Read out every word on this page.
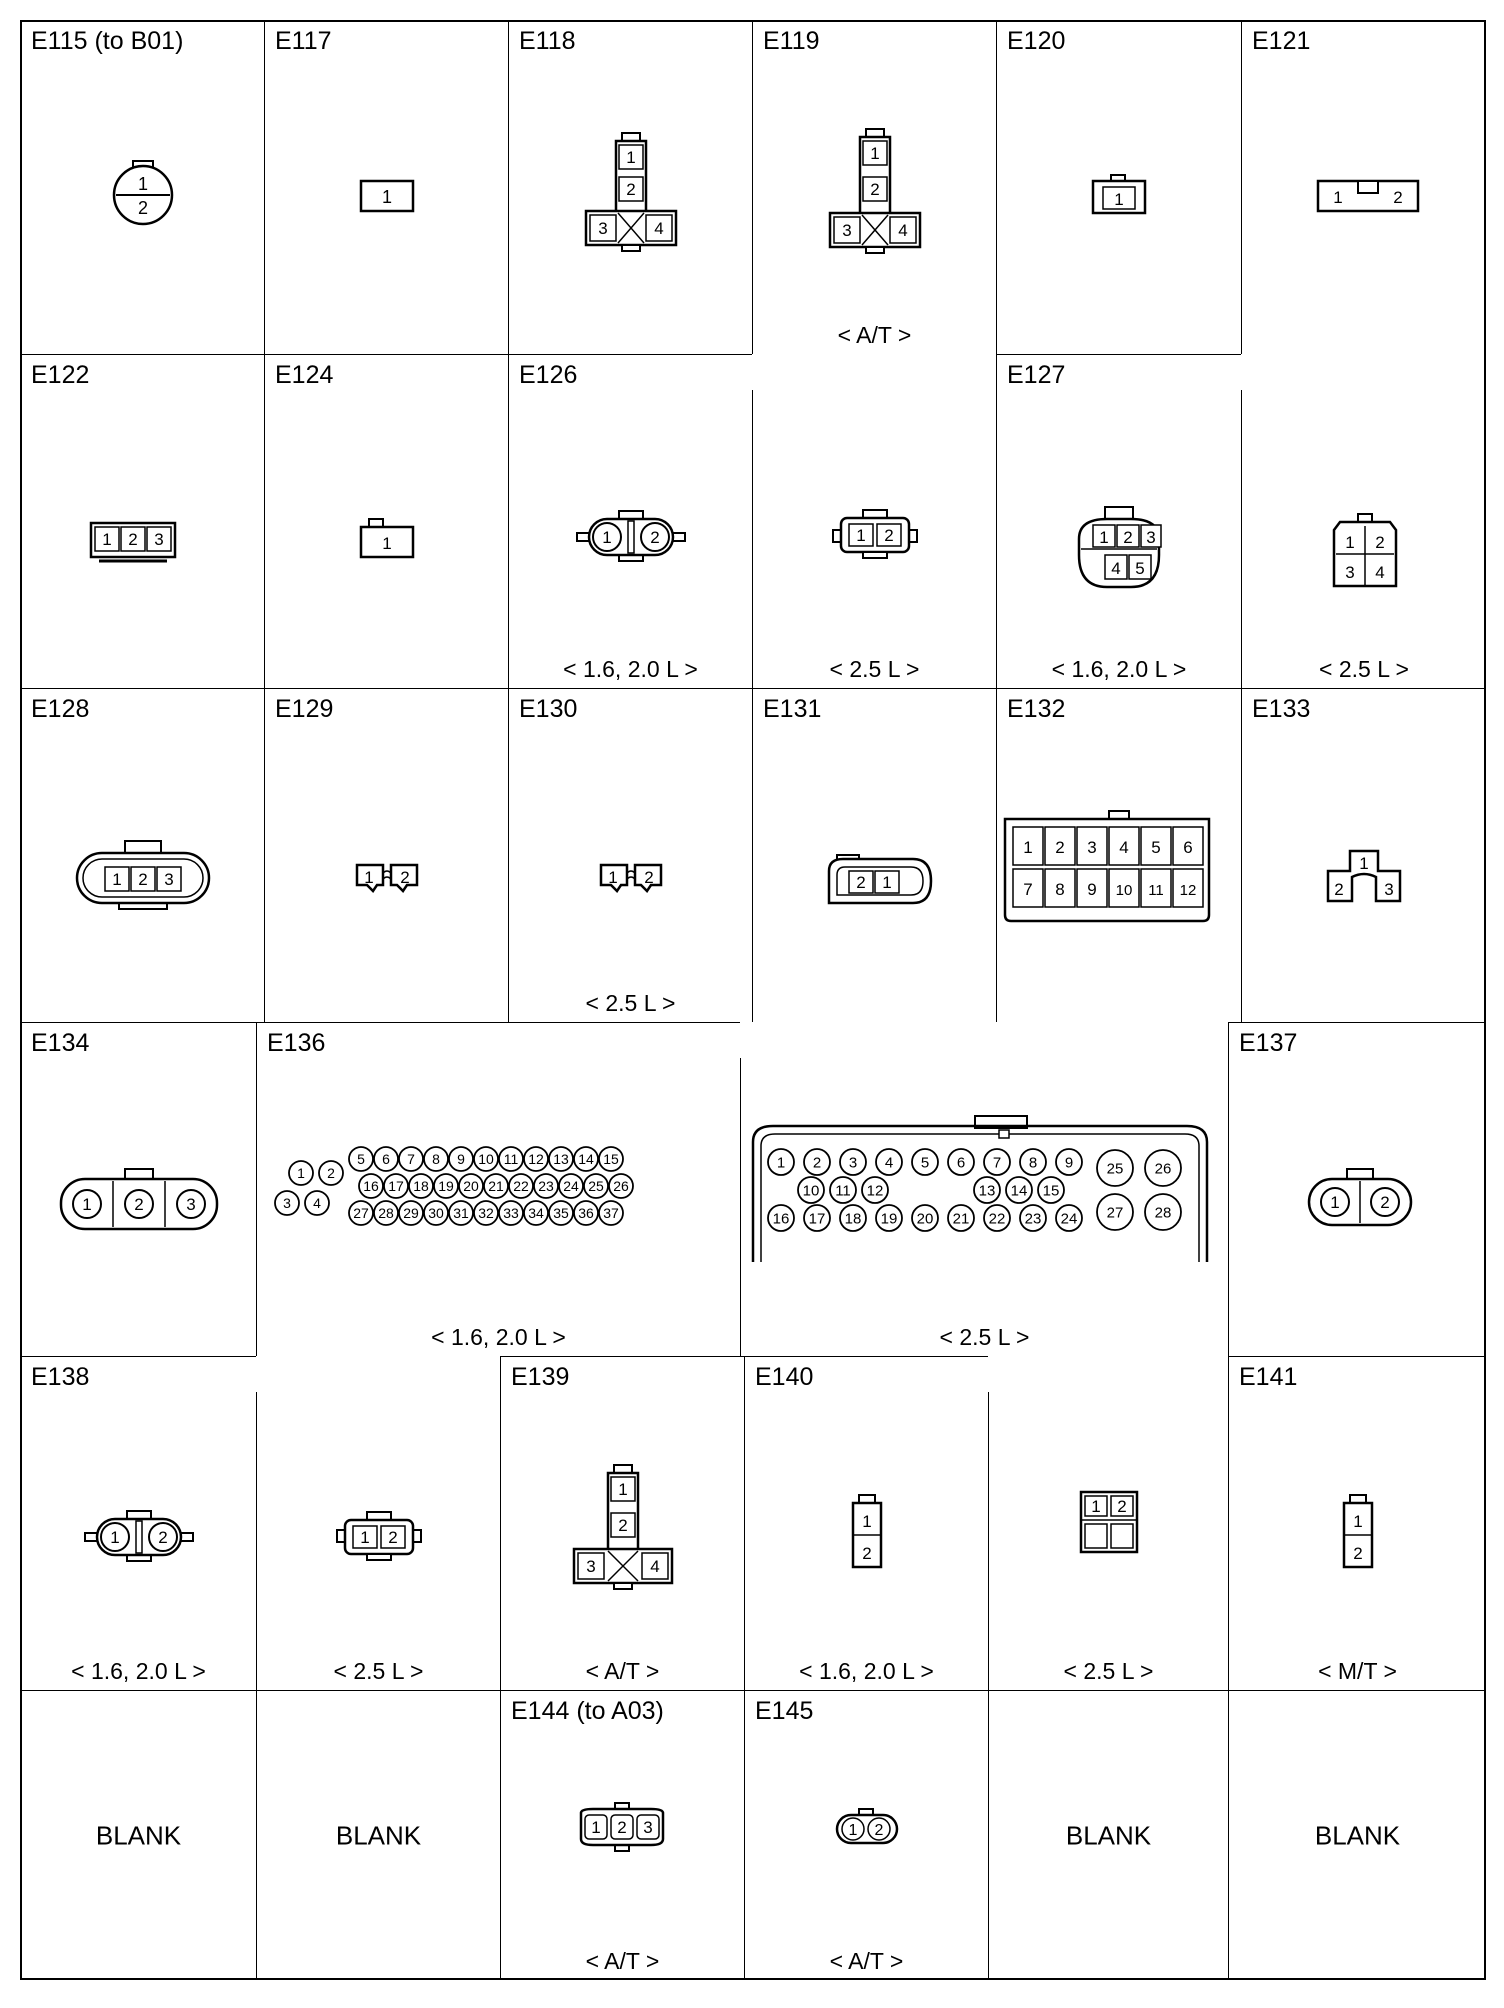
E115 (to B01)
1
2
E117
1
E118
1
2
3	4
E119
1
2
3	4
< A/T >
E120
1
E121
1	2
E122
1 2 3
E124
1
E126
1 2
< 1.6, 2.0 L >
1 2
< 2.5 L >
E127
1 2 3
4 5
< 1.6, 2.0 L >
1 2
3 4
< 2.5 L >
E128
1 2 3
E129
1 2
E130
1 2
< 2.5 L >
E131
2 1
E132
1 2 3 4 5 6
7 8 9 10 11 12
E133
1
2 3
E134
1	2	3
E136
1 2
3 4
5 6 7 8 9 10 11 12 13 14 15
16 17 18 19 20 21 22 23 24 25 26
27 28 29 30 31 32 33 34 35 36 37
< 1.6, 2.0 L >
1 2 3 4 5 6 7 8 9
10 11 12	13 14 15
16 17 18 19 20 21 22 23 24
25 26
27 28
< 2.5 L >
E137
1 2
E138
1 2
< 1.6, 2.0 L >
1 2
< 2.5 L >
E139
1
2
3	4
< A/T >
E140
1
2
< 1.6, 2.0 L >
1 2
< 2.5 L >
E141
1
2
< M/T >
BLANK	BLANK
E144 (to A03)
1 2 3
< A/T >
E145
1 2
< A/T >
BLANK	BLANK
